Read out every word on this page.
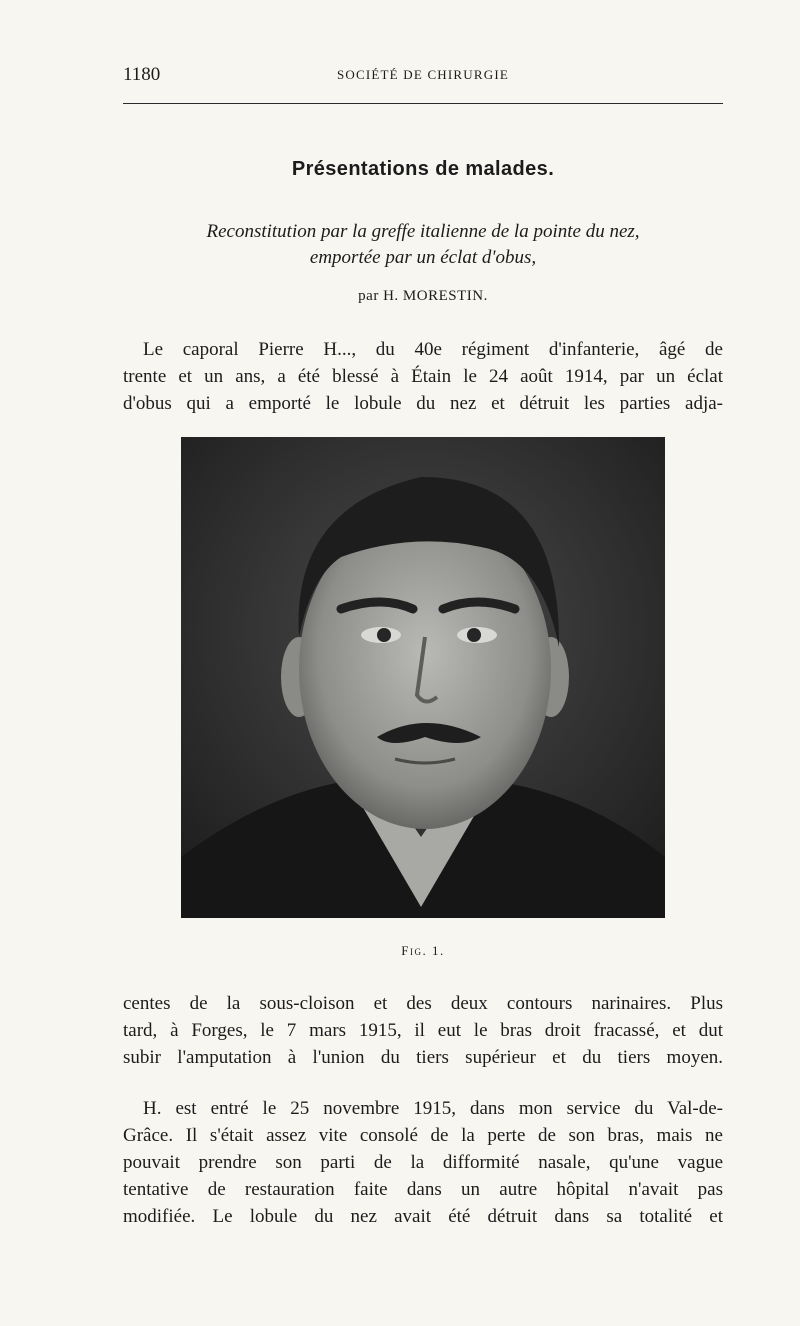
1180	SOCIÉTÉ DE CHIRURGIE
Présentations de malades.
Reconstitution par la greffe italienne de la pointe du nez,
emportée par un éclat d'obus,
par H. MORESTIN.
Le caporal Pierre H..., du 40e régiment d'infanterie, âgé de
trente et un ans, a été blessé à Étain le 24 août 1914, par un éclat
d'obus qui a emporté le lobule du nez et détruit les parties adja-
Fig. 1.
centes de la sous-cloison et des deux contours narinaires. Plus
tard, à Forges, le 7 mars 1915, il eut le bras droit fracassé, et dut
subir l'amputation à l'union du tiers supérieur et du tiers moyen.
H. est entré le 25 novembre 1915, dans mon service du Val-de-
Grâce. Il s'était assez vite consolé de la perte de son bras, mais ne
pouvait prendre son parti de la difformité nasale, qu'une vague
tentative de restauration faite dans un autre hôpital n'avait pas
modifiée. Le lobule du nez avait été détruit dans sa totalité et
